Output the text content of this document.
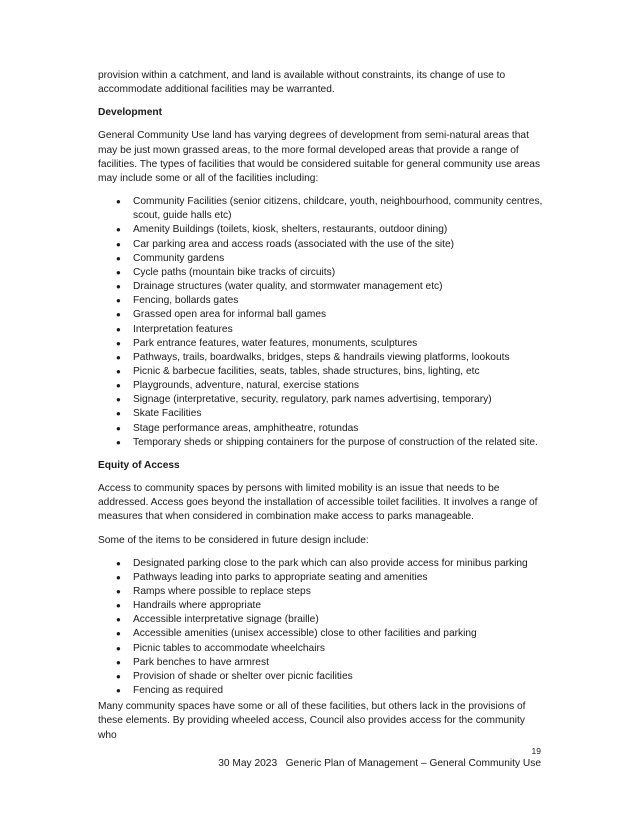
provision within a catchment, and land is available without constraints, its change of use to accommodate additional facilities may be warranted.

Development

General Community Use land has varying degrees of development from semi-natural areas that may be just mown grassed areas, to the more formal developed areas that provide a range of facilities. The types of facilities that would be considered suitable for general community use areas may include some or all of the facilities including:

● Community Facilities (senior citizens, childcare, youth, neighbourhood, community centres, scout, guide halls etc)
● Amenity Buildings (toilets, kiosk, shelters, restaurants, outdoor dining)
● Car parking area and access roads (associated with the use of the site)
● Community gardens
● Cycle paths (mountain bike tracks of circuits)
● Drainage structures (water quality, and stormwater management etc)
● Fencing, bollards gates
● Grassed open area for informal ball games
● Interpretation features
● Park entrance features, water features, monuments, sculptures
● Pathways, trails, boardwalks, bridges, steps & handrails viewing platforms, lookouts
● Picnic & barbecue facilities, seats, tables, shade structures, bins, lighting, etc
● Playgrounds, adventure, natural, exercise stations
● Signage (interpretative, security, regulatory, park names advertising, temporary)
● Skate Facilities
● Stage performance areas, amphitheatre, rotundas
● Temporary sheds or shipping containers for the purpose of construction of the related site.
Equity of Access

Access to community spaces by persons with limited mobility is an issue that needs to be addressed. Access goes beyond the installation of accessible toilet facilities. It involves a range of measures that when considered in combination make access to parks manageable.

Some of the items to be considered in future design include:

● Designated parking close to the park which can also provide access for minibus parking
● Pathways leading into parks to appropriate seating and amenities
● Ramps where possible to replace steps
● Handrails where appropriate
● Accessible interpretative signage (braille)
● Accessible amenities (unisex accessible) close to other facilities and parking
● Picnic tables to accommodate wheelchairs
● Park benches to have armrest
● Provision of shade or shelter over picnic facilities
● Fencing as required

Many community spaces have some or all of these facilities, but others lack in the provisions of these elements. By providing wheeled access, Council also provides access for the community who

19
30 May 2023 Generic Plan of Management – General Community Use
